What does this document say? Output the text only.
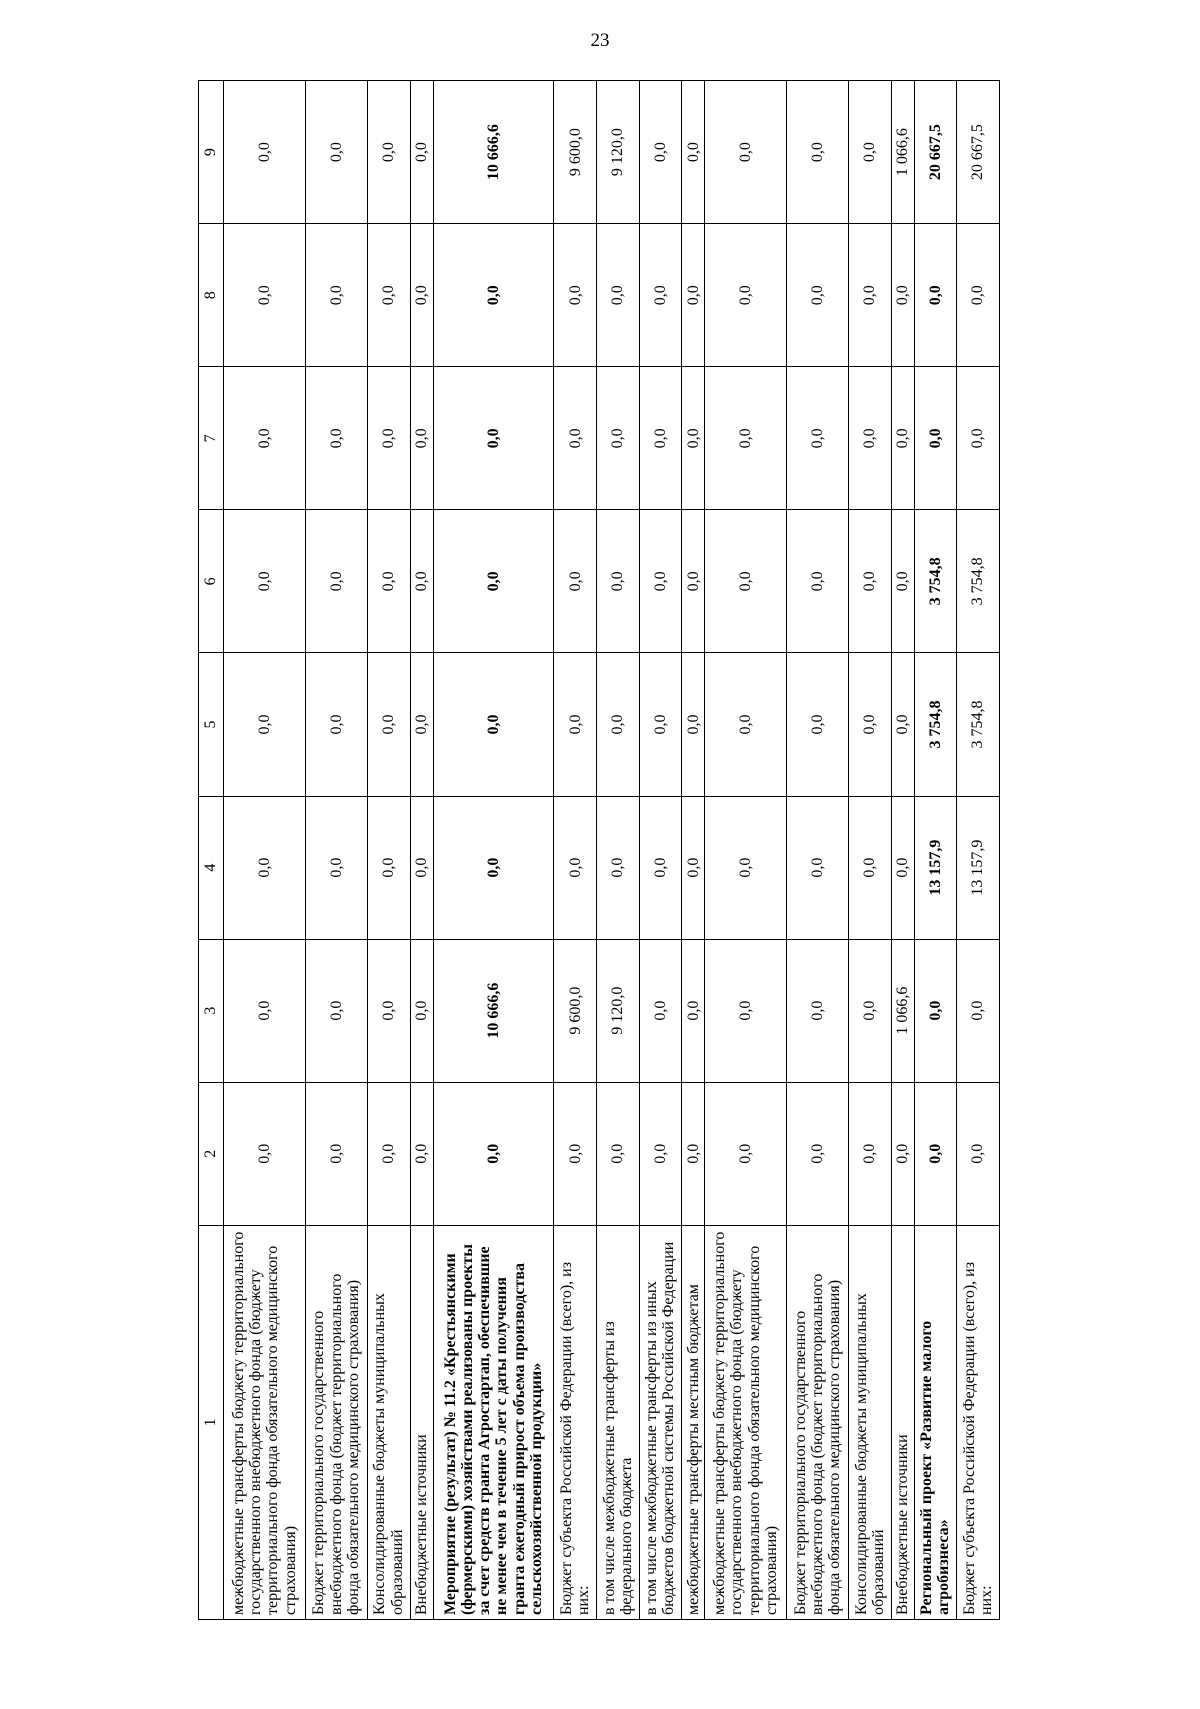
23
1	2	3	4	5	6	7	8	9
межбюджетные трансферты бюджету территориального государственного внебюджетного фонда (бюджету территориального фонда обязательного медицинского страхования)	0,0	0,0	0,0	0,0	0,0	0,0	0,0	0,0
Бюджет территориального государственного внебюджетного фонда (бюджет территориального фонда обязательного медицинского страхования)	0,0	0,0	0,0	0,0	0,0	0,0	0,0	0,0
Консолидированные бюджеты муниципальных образований	0,0	0,0	0,0	0,0	0,0	0,0	0,0	0,0
Внебюджетные источники	0,0	0,0	0,0	0,0	0,0	0,0	0,0	0,0
Мероприятие (результат) № 11.2 «Крестьянскими (фермерскими) хозяйствами реализованы проекты за счет средств гранта Агростартап, обеспечившие не менее чем в течение 5 лет с даты получения гранта ежегодный прирост объема производства сельскохозяйственной продукции»	0,0	10 666,6	0,0	0,0	0,0	0,0	0,0	10 666,6
Бюджет субъекта Российской Федерации (всего), из них:	0,0	9 600,0	0,0	0,0	0,0	0,0	0,0	9 600,0
в том числе межбюджетные трансферты из федерального бюджета	0,0	9 120,0	0,0	0,0	0,0	0,0	0,0	9 120,0
в том числе межбюджетные трансферты из иных бюджетов бюджетной системы Российской Федерации	0,0	0,0	0,0	0,0	0,0	0,0	0,0	0,0
межбюджетные трансферты местным бюджетам	0,0	0,0	0,0	0,0	0,0	0,0	0,0	0,0
межбюджетные трансферты бюджету территориального государственного внебюджетного фонда (бюджету территориального фонда обязательного медицинского страхования)	0,0	0,0	0,0	0,0	0,0	0,0	0,0	0,0
Бюджет территориального государственного внебюджетного фонда (бюджет территориального фонда обязательного медицинского страхования)	0,0	0,0	0,0	0,0	0,0	0,0	0,0	0,0
Консолидированные бюджеты муниципальных образований	0,0	0,0	0,0	0,0	0,0	0,0	0,0	0,0
Внебюджетные источники	0,0	1 066,6	0,0	0,0	0,0	0,0	0,0	1 066,6
Региональный проект «Развитие малого агробизнеса»	0,0	0,0	13 157,9	3 754,8	3 754,8	0,0	0,0	20 667,5
Бюджет субъекта Российской Федерации (всего), из них:	0,0	0,0	13 157,9	3 754,8	3 754,8	0,0	0,0	20 667,5
